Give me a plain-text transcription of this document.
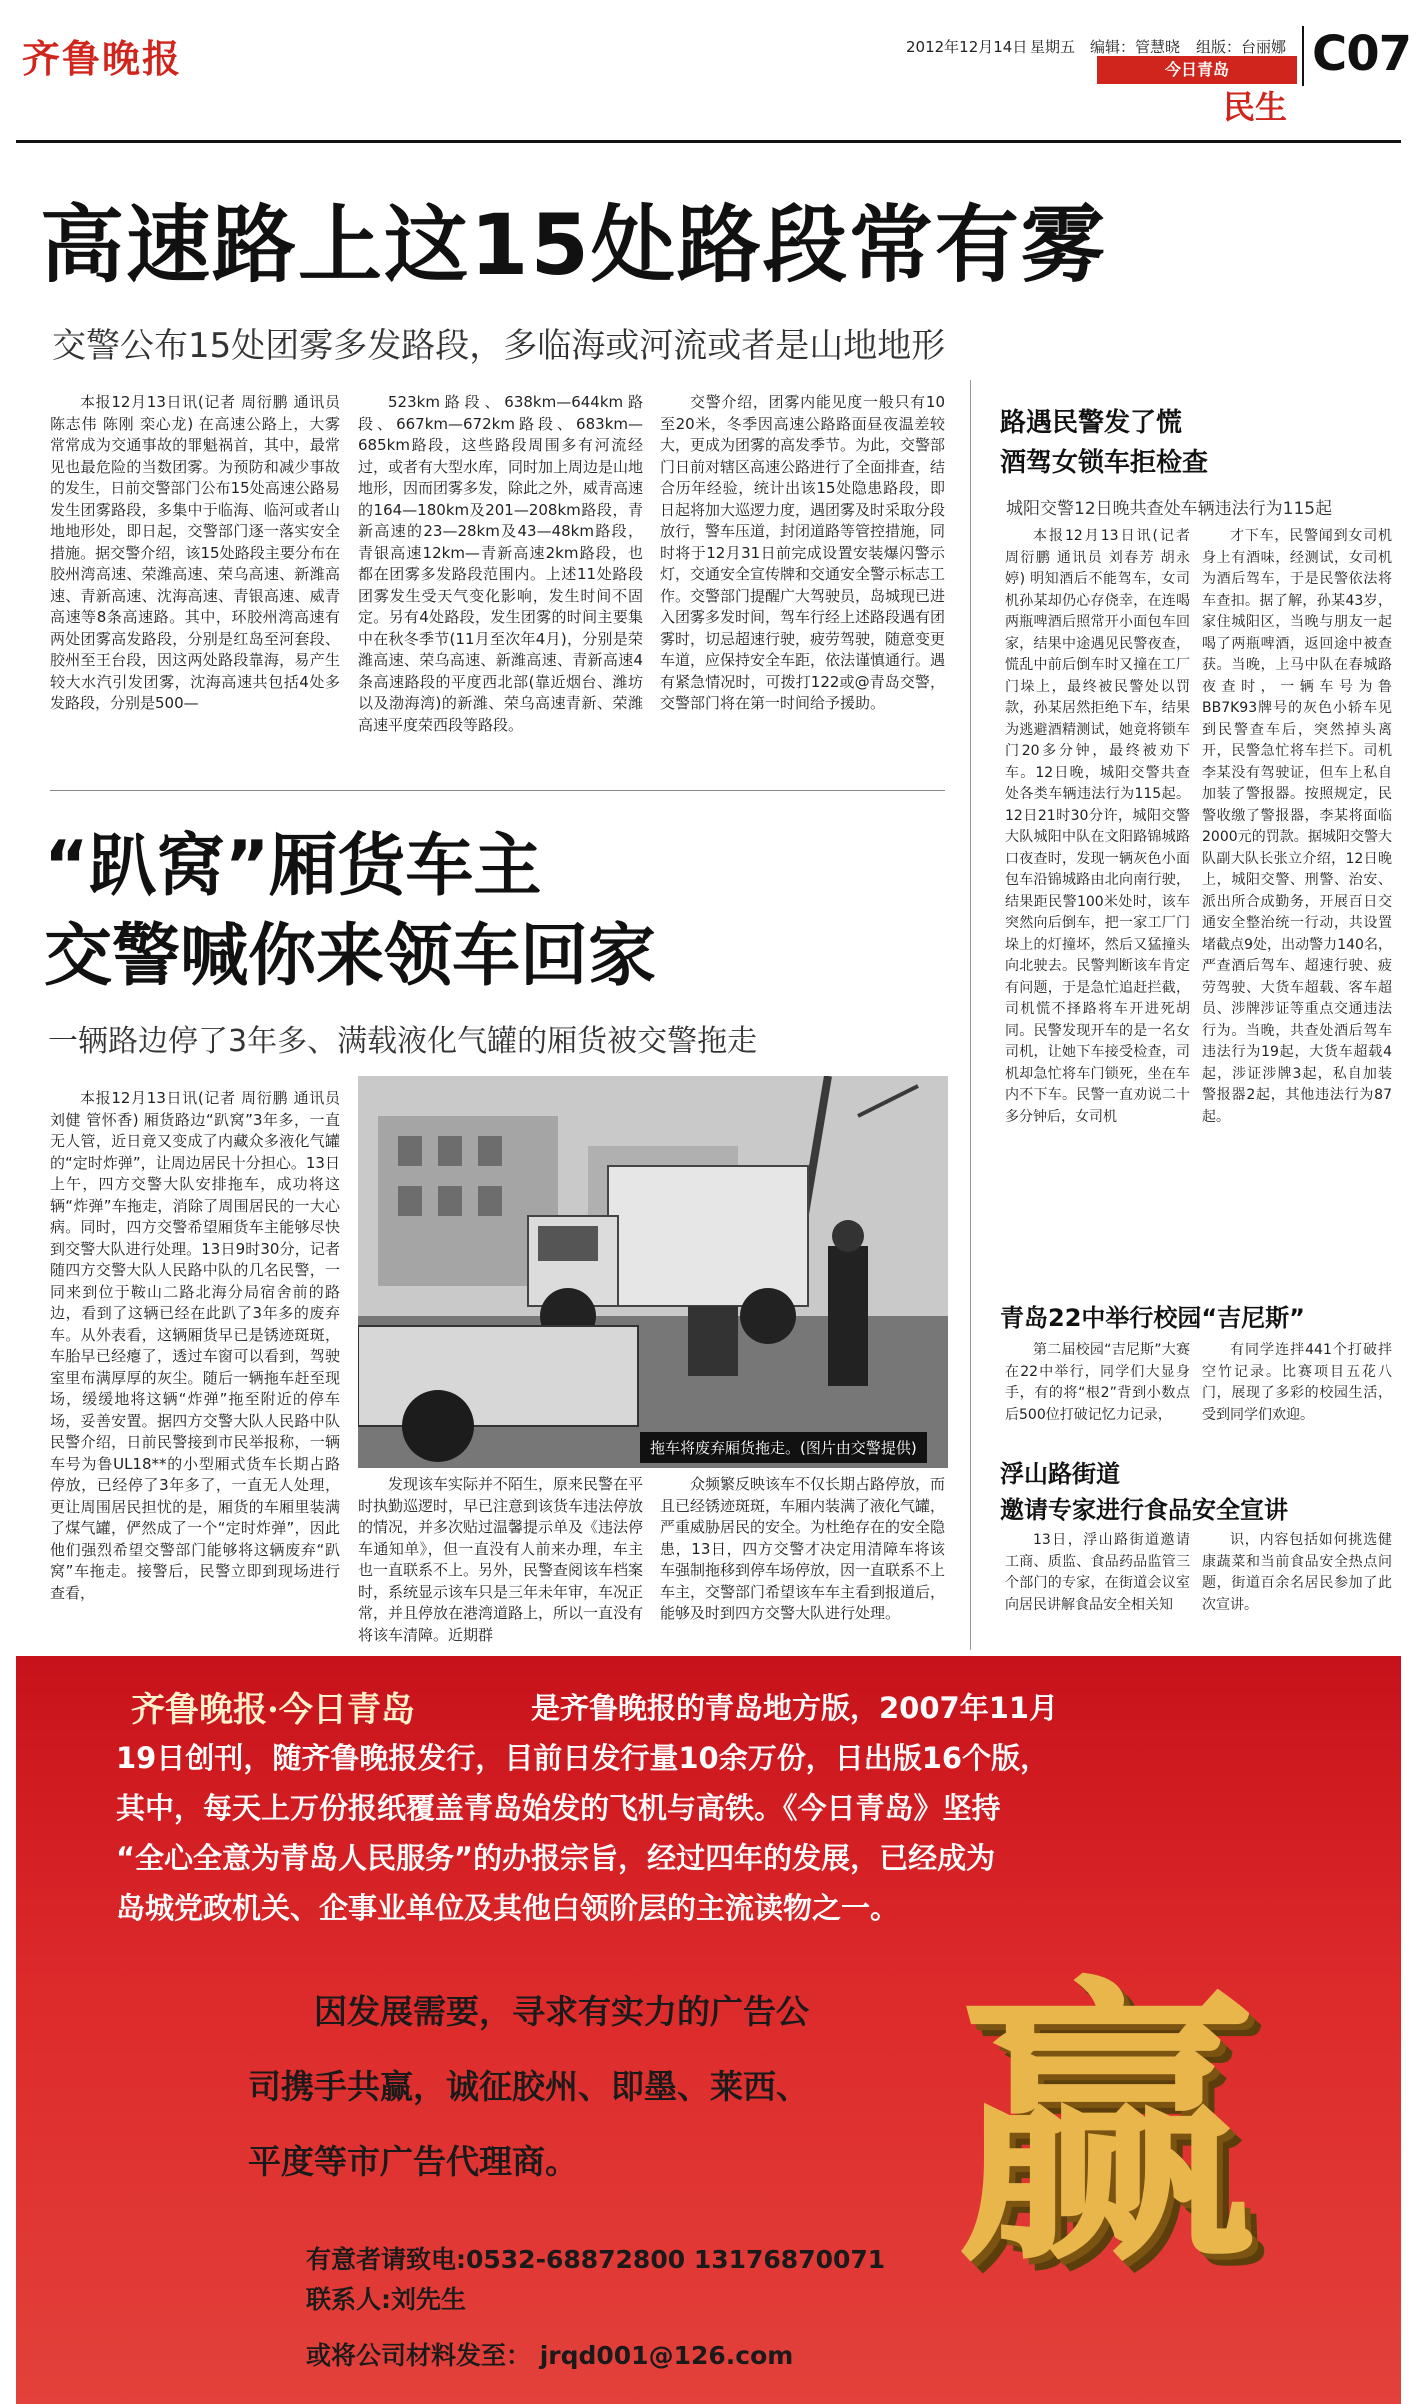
齐鲁晚报	2012年12月14日 星期五 编辑：管慧晓 组版：台丽娜
今日青岛
民生
C07
高速路上这15处路段常有雾
交警公布15处团雾多发路段，多临海或河流或者是山地地形

本报12月13日讯(记者 周衍鹏 通讯员 陈志伟 陈刚 栾心龙) 在高速公路上，大雾常常成为交通事故的罪魁祸首，其中，最常见也最危险的当数团雾。为预防和减少事故的发生，日前交警部门公布15处高速公路易发生团雾路段，多集中于临海、临河或者山地地形处，即日起，交警部门逐一落实安全措施。据交警介绍，该15处路段主要分布在胶州湾高速、荣潍高速、荣乌高速、新潍高速、青新高速、沈海高速、青银高速、威青高速等8条高速路。其中，环胶州湾高速有两处团雾高发路段，分别是红岛至河套段、胶州至王台段，因这两处路段靠海，易产生较大水汽引发团雾，沈海高速共包括4处多发路段，分别是500—

523km路段、638km—644km路段、667km—672km路段、683km—685km路段，这些路段周围多有河流经过，或者有大型水库，同时加上周边是山地地形，因而团雾多发，除此之外，威青高速的164—180km及201—208km路段，青新高速的23—28km及43—48km路段，青银高速12km—青新高速2km路段，也都在团雾多发路段范围内。上述11处路段团雾发生受天气变化影响，发生时间不固定。另有4处路段，发生团雾的时间主要集中在秋冬季节(11月至次年4月)，分别是荣潍高速、荣乌高速、新潍高速、青新高速4条高速路段的平度西北部(靠近烟台、潍坊以及渤海湾)的新潍、荣乌高速青新、荣潍高速平度荣西段等路段。

交警介绍，团雾内能见度一般只有10至20米，冬季因高速公路路面昼夜温差较大，更成为团雾的高发季节。为此，交警部门日前对辖区高速公路进行了全面排查，结合历年经验，统计出该15处隐患路段，即日起将加大巡逻力度，遇团雾及时采取分段放行，警车压道，封闭道路等管控措施，同时将于12月31日前完成设置安装爆闪警示灯，交通安全宣传牌和交通安全警示标志工作。交警部门提醒广大驾驶员，岛城现已进入团雾多发时间，驾车行经上述路段遇有团雾时，切忌超速行驶，疲劳驾驶，随意变更车道，应保持安全车距，依法谨慎通行。遇有紧急情况时，可拨打122或@青岛交警，交警部门将在第一时间给予援助。

“趴窝”厢货车主
交警喊你来领车回家
一辆路边停了3年多、满载液化气罐的厢货被交警拖走

本报12月13日讯(记者 周衍鹏 通讯员 刘健 管怀香) 厢货路边“趴窝”3年多，一直无人管，近日竟又变成了内藏众多液化气罐的“定时炸弹”，让周边居民十分担心。13日上午，四方交警大队安排拖车，成功将这辆“炸弹”车拖走，消除了周围居民的一大心病。同时，四方交警希望厢货车主能够尽快到交警大队进行处理。13日9时30分，记者随四方交警大队人民路中队的几名民警，一同来到位于鞍山二路北海分局宿舍前的路边，看到了这辆已经在此趴了3年多的废弃车。从外表看，这辆厢货早已是锈迹斑斑，车胎早已经瘪了，透过车窗可以看到，驾驶室里布满厚厚的灰尘。随后一辆拖车赶至现场，缓缓地将这辆“炸弹”拖至附近的停车场，妥善安置。据四方交警大队人民路中队民警介绍，日前民警接到市民举报称，一辆车号为鲁UL18**的小型厢式货车长期占路停放，已经停了3年多了，一直无人处理，更让周围居民担忧的是，厢货的车厢里装满了煤气罐，俨然成了一个“定时炸弹”，因此他们强烈希望交警部门能够将这辆废弃“趴窝”车拖走。接警后，民警立即到现场进行查看，

拖车将废弃厢货拖走。(图片由交警提供)

发现该车实际并不陌生，原来民警在平时执勤巡逻时，早已注意到该货车违法停放的情况，并多次贴过温馨提示单及《违法停车通知单》，但一直没有人前来办理，车主也一直联系不上。另外，民警查阅该车档案时，系统显示该车只是三年未年审，车况正常，并且停放在港湾道路上，所以一直没有将该车清障。近期群

众频繁反映该车不仅长期占路停放，而且已经锈迹斑斑，车厢内装满了液化气罐，严重威胁居民的安全。为杜绝存在的安全隐患，13日，四方交警才决定用清障车将该车强制拖移到停车场停放，因一直联系不上车主，交警部门希望该车车主看到报道后，能够及时到四方交警大队进行处理。

路遇民警发了慌
酒驾女锁车拒检查
城阳交警12日晚共查处车辆违法行为115起

本报12月13日讯(记者 周衍鹏 通讯员 刘春芳 胡永婷) 明知酒后不能驾车，女司机孙某却仍心存侥幸，在连喝两瓶啤酒后照常开小面包车回家，结果中途遇见民警夜查，慌乱中前后倒车时又撞在工厂门垛上，最终被民警处以罚款，孙某居然拒绝下车，结果为逃避酒精测试，她竟将锁车门20多分钟，最终被劝下车。12日晚，城阳交警共查处各类车辆违法行为115起。12日21时30分许，城阳交警大队城阳中队在文阳路锦城路口夜查时，发现一辆灰色小面包车沿锦城路由北向南行驶，结果距民警100米处时，该车突然向后倒车，把一家工厂门垛上的灯撞坏，然后又猛撞头向北驶去。民警判断该车肯定有问题，于是急忙追赶拦截，司机慌不择路将车开进死胡同。民警发现开车的是一名女司机，让她下车接受检查，司机却急忙将车门锁死，坐在车内不下车。民警一直劝说二十多分钟后，女司机

才下车，民警闻到女司机身上有酒味，经测试，女司机为酒后驾车，于是民警依法将车查扣。据了解，孙某43岁，家住城阳区，当晚与朋友一起喝了两瓶啤酒，返回途中被查获。当晚，上马中队在春城路夜查时，一辆车号为鲁BB7K93牌号的灰色小轿车见到民警查车后，突然掉头离开，民警急忙将车拦下。司机李某没有驾驶证，但车上私自加装了警报器。按照规定，民警收缴了警报器，李某将面临2000元的罚款。据城阳交警大队副大队长张立介绍，12日晚上，城阳交警、刑警、治安、派出所合成勤务，开展百日交通安全整治统一行动，共设置堵截点9处，出动警力140名，严查酒后驾车、超速行驶、疲劳驾驶、大货车超载、客车超员、涉牌涉证等重点交通违法行为。当晚，共查处酒后驾车违法行为19起，大货车超载4起，涉证涉牌3起，私自加装警报器2起，其他违法行为87起。

青岛22中举行校园“吉尼斯”

第二届校园“吉尼斯”大赛在22中举行，同学们大显身手，有的将“根2”背到小数点后500位打破记忆力记录，

有同学连拌441个打破拌空竹记录。比赛项目五花八门，展现了多彩的校园生活，受到同学们欢迎。

浮山路街道
邀请专家进行食品安全宣讲

13日，浮山路街道邀请工商、质监、食品药品监管三个部门的专家，在街道会议室向居民讲解食品安全相关知

识，内容包括如何挑选健康蔬菜和当前食品安全热点问题，街道百余名居民参加了此次宣讲。

齐鲁晚报·今日青岛	是齐鲁晚报的青岛地方版，2007年11月
19日创刊，随齐鲁晚报发行，目前日发行量10余万份，日出版16个版，
其中，每天上万份报纸覆盖青岛始发的飞机与高铁。《今日青岛》坚持
“全心全意为青岛人民服务”的办报宗旨，经过四年的发展，已经成为
岛城党政机关、企事业单位及其他白领阶层的主流读物之一。
因发展需要，寻求有实力的广告公
司携手共赢，诚征胶州、即墨、莱西、
平度等市广告代理商。
有意者请致电:0532-68872800 13176870071
联系人:刘先生
或将公司材料发至： jrqd001@126.com
赢
